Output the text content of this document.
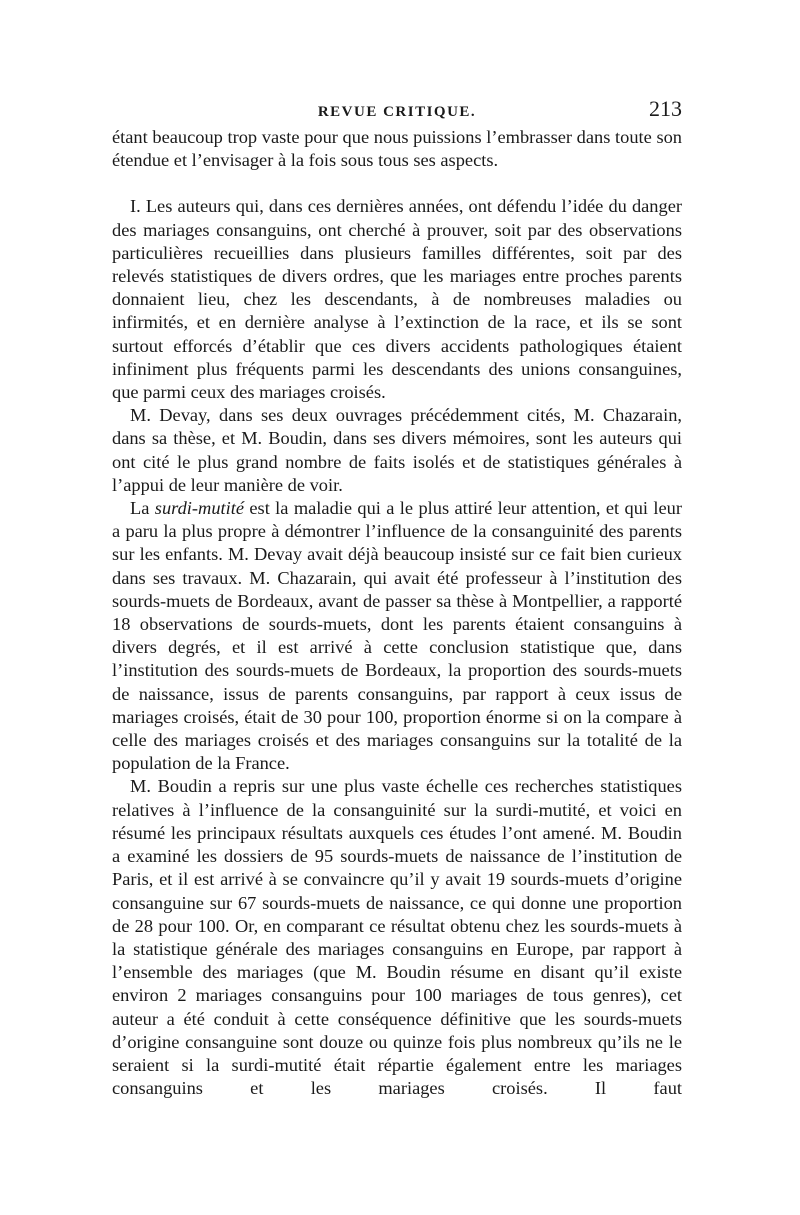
REVUE CRITIQUE.	213

étant beaucoup trop vaste pour que nous puissions l’embrasser dans toute son étendue et l’envisager à la fois sous tous ses aspects.

I. Les auteurs qui, dans ces dernières années, ont défendu l’idée du danger des mariages consanguins, ont cherché à prouver, soit par des observations particulières recueillies dans plusieurs familles différentes, soit par des relevés statistiques de divers ordres, que les mariages entre proches parents donnaient lieu, chez les descendants, à de nombreuses maladies ou infirmités, et en dernière analyse à l’extinction de la race, et ils se sont surtout efforcés d’établir que ces divers accidents pathologiques étaient infiniment plus fréquents parmi les descendants des unions consanguines, que parmi ceux des mariages croisés.

M. Devay, dans ses deux ouvrages précédemment cités, M. Chazarain, dans sa thèse, et M. Boudin, dans ses divers mémoires, sont les auteurs qui ont cité le plus grand nombre de faits isolés et de statistiques générales à l’appui de leur manière de voir.

La surdi-mutité est la maladie qui a le plus attiré leur attention, et qui leur a paru la plus propre à démontrer l’influence de la consanguinité des parents sur les enfants. M. Devay avait déjà beaucoup insisté sur ce fait bien curieux dans ses travaux. M. Chazarain, qui avait été professeur à l’institution des sourds-muets de Bordeaux, avant de passer sa thèse à Montpellier, a rapporté 18 observations de sourds-muets, dont les parents étaient consanguins à divers degrés, et il est arrivé à cette conclusion statistique que, dans l’institution des sourds-muets de Bordeaux, la proportion des sourds-muets de naissance, issus de parents consanguins, par rapport à ceux issus de mariages croisés, était de 30 pour 100, proportion énorme si on la compare à celle des mariages croisés et des mariages consanguins sur la totalité de la population de la France.

M. Boudin a repris sur une plus vaste échelle ces recherches statistiques relatives à l’influence de la consanguinité sur la surdi-mutité, et voici en résumé les principaux résultats auxquels ces études l’ont amené. M. Boudin a examiné les dossiers de 95 sourds-muets de naissance de l’institution de Paris, et il est arrivé à se convaincre qu’il y avait 19 sourds-muets d’origine consanguine sur 67 sourds-muets de naissance, ce qui donne une proportion de 28 pour 100. Or, en comparant ce résultat obtenu chez les sourds-muets à la statistique générale des mariages consanguins en Europe, par rapport à l’ensemble des mariages (que M. Boudin résume en disant qu’il existe environ 2 mariages consanguins pour 100 mariages de tous genres), cet auteur a été conduit à cette conséquence définitive que les sourds-muets d’origine consanguine sont douze ou quinze fois plus nombreux qu’ils ne le seraient si la surdi-mutité était répartie également entre les mariages consanguins et les mariages croisés. Il faut
